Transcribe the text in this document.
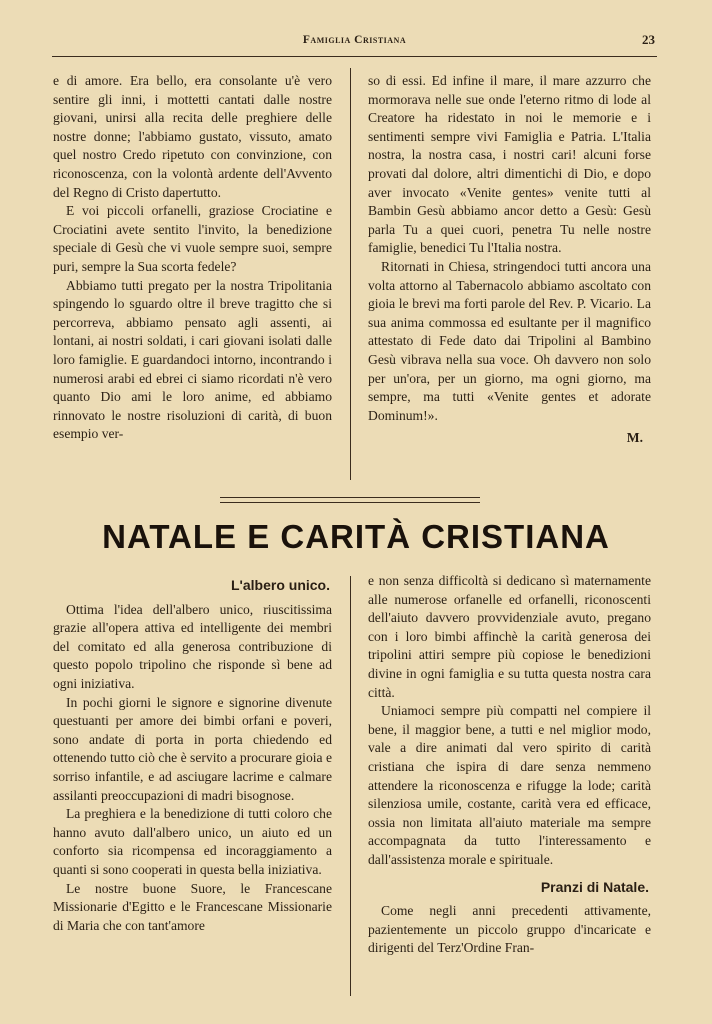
Famiglia Cristiana	23

e di amore. Era bello, era consolante u'è vero sentire gli inni, i mottetti cantati dalle nostre giovani, unirsi alla recita delle preghiere delle nostre donne; l'abbiamo gustato, vissuto, amato quel nostro Credo ripetuto con convinzione, con riconoscenza, con la volontà ardente dell'Avvento del Regno di Cristo dapertutto.

E voi piccoli orfanelli, graziose Crociatine e Crociatini avete sentito l'invito, la benedizione speciale di Gesù che vi vuole sempre suoi, sempre puri, sempre la Sua scorta fedele?

Abbiamo tutti pregato per la nostra Tripolitania spingendo lo sguardo oltre il breve tragitto che si percorreva, abbiamo pensato agli assenti, ai lontani, ai nostri soldati, i cari giovani isolati dalle loro famiglie. E guardandoci intorno, incontrando i numerosi arabi ed ebrei ci siamo ricordati n'è vero quanto Dio ami le loro anime, ed abbiamo rinnovato le nostre risoluzioni di carità, di buon esempio ver-

so di essi. Ed infine il mare, il mare azzurro che mormorava nelle sue onde l'eterno ritmo di lode al Creatore ha ridestato in noi le memorie e i sentimenti sempre vivi Famiglia e Patria. L'Italia nostra, la nostra casa, i nostri cari! alcuni forse provati dal dolore, altri dimentichi di Dio, e dopo aver invocato «Venite gentes» venite tutti al Bambin Gesù abbiamo ancor detto a Gesù: Gesù parla Tu a quei cuori, penetra Tu nelle nostre famiglie, benedici Tu l'Italia nostra.

Ritornati in Chiesa, stringendoci tutti ancora una volta attorno al Tabernacolo abbiamo ascoltato con gioia le brevi ma forti parole del Rev. P. Vicario. La sua anima commossa ed esultante per il magnifico attestato di Fede dato dai Tripolini al Bambino Gesù vibrava nella sua voce. Oh davvero non solo per un'ora, per un giorno, ma ogni giorno, ma sempre, ma tutti «Venite gentes et adorate Dominum!».

M.
NATALE E CARITÀ CRISTIANA
L'albero unico.

Ottima l'idea dell'albero unico, riuscitissima grazie all'opera attiva ed intelligente dei membri del comitato ed alla generosa contribuzione di questo popolo tripolino che risponde sì bene ad ogni iniziativa.

In pochi giorni le signore e signorine divenute questuanti per amore dei bimbi orfani e poveri, sono andate di porta in porta chiedendo ed ottenendo tutto ciò che è servito a procurare gioia e sorriso infantile, e ad asciugare lacrime e calmare assilanti preoccupazioni di madri bisognose.

La preghiera e la benedizione di tutti coloro che hanno avuto dall'albero unico, un aiuto ed un conforto sia ricompensa ed incoraggiamento a quanti si sono cooperati in questa bella iniziativa.

Le nostre buone Suore, le Francescane Missionarie d'Egitto e le Francescane Missionarie di Maria che con tant'amore

e non senza difficoltà si dedicano sì maternamente alle numerose orfanelle ed orfanelli, riconoscenti dell'aiuto davvero provvidenziale avuto, pregano con i loro bimbi affinchè la carità generosa dei tripolini attiri sempre più copiose le benedizioni divine in ogni famiglia e su tutta questa nostra cara città.

Uniamoci sempre più compatti nel compiere il bene, il maggior bene, a tutti e nel miglior modo, vale a dire animati dal vero spirito di carità cristiana che ispira di dare senza nemmeno attendere la riconoscenza e rifugge la lode; carità silenziosa umile, costante, carità vera ed efficace, ossia non limitata all'aiuto materiale ma sempre accompagnata da tutto l'interessamento e dall'assistenza morale e spirituale.

Pranzi di Natale.

Come negli anni precedenti attivamente, pazientemente un piccolo gruppo d'incaricate e dirigenti del Terz'Ordine Fran-
